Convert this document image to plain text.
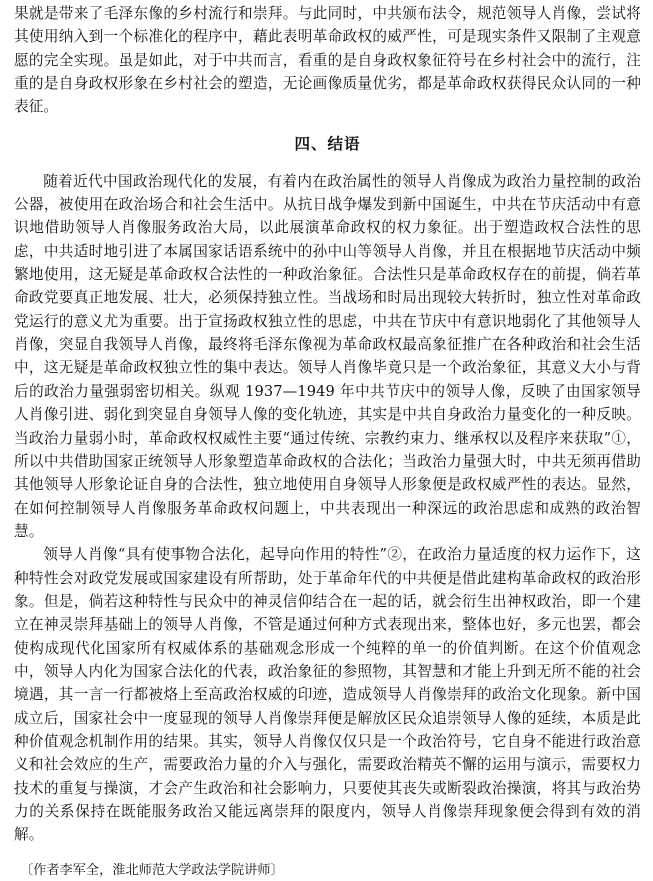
果就是带来了毛泽东像的乡村流行和崇拜。与此同时，中共颁布法令，规范领导人肖像，尝试将其使用纳入到一个标准化的程序中，藉此表明革命政权的威严性，可是现实条件又限制了主观意愿的完全实现。虽是如此，对于中共而言，看重的是自身政权象征符号在乡村社会中的流行，注重的是自身政权形象在乡村社会的塑造，无论画像质量优劣，都是革命政权获得民众认同的一种表征。

四、结语

随着近代中国政治现代化的发展，有着内在政治属性的领导人肖像成为政治力量控制的政治公器，被使用在政治场合和社会生活中。从抗日战争爆发到新中国诞生，中共在节庆活动中有意识地借助领导人肖像服务政治大局，以此展演革命政权的权力象征。出于塑造政权合法性的思虑，中共适时地引进了本属国家话语系统中的孙中山等领导人肖像，并且在根据地节庆活动中频繁地使用，这无疑是革命政权合法性的一种政治象征。合法性只是革命政权存在的前提，倘若革命政党要真正地发展、壮大，必须保持独立性。当战场和时局出现较大转折时，独立性对革命政党运行的意义尤为重要。出于宣扬政权独立性的思虑，中共在节庆中有意识地弱化了其他领导人肖像，突显自我领导人肖像，最终将毛泽东像视为革命政权最高象征推广在各种政治和社会生活中，这无疑是革命政权独立性的集中表达。领导人肖像毕竟只是一个政治象征，其意义大小与背后的政治力量强弱密切相关。纵观 1937—1949 年中共节庆中的领导人像，反映了由国家领导人肖像引进、弱化到突显自身领导人像的变化轨迹，其实是中共自身政治力量变化的一种反映。当政治力量弱小时，革命政权权威性主要“通过传统、宗教约束力、继承权以及程序来获取”①，所以中共借助国家正统领导人形象塑造革命政权的合法化；当政治力量强大时，中共无须再借助其他领导人形象论证自身的合法性，独立地使用自身领导人形象便是政权威严性的表达。显然，在如何控制领导人肖像服务革命政权问题上，中共表现出一种深远的政治思虑和成熟的政治智慧。

领导人肖像“具有使事物合法化，起导向作用的特性”②，在政治力量适度的权力运作下，这种特性会对政党发展或国家建设有所帮助，处于革命年代的中共便是借此建构革命政权的政治形象。但是，倘若这种特性与民众中的神灵信仰结合在一起的话，就会衍生出神权政治，即一个建立在神灵崇拜基础上的领导人肖像，不管是通过何种方式表现出来，整体也好，多元也罢，都会使构成现代化国家所有权威体系的基础观念形成一个纯粹的单一的价值判断。在这个价值观念中，领导人内化为国家合法化的代表，政治象征的参照物，其智慧和才能上升到无所不能的社会境遇，其一言一行都被烙上至高政治权威的印迹，造成领导人肖像崇拜的政治文化现象。新中国成立后，国家社会中一度显现的领导人肖像崇拜便是解放区民众追崇领导人像的延续，本质是此种价值观念机制作用的结果。其实，领导人肖像仅仅只是一个政治符号，它自身不能进行政治意义和社会效应的生产，需要政治力量的介入与强化，需要政治精英不懈的运用与演示，需要权力技术的重复与操演，才会产生政治和社会影响力，只要使其丧失或断裂政治操演，将其与政治势力的关系保持在既能服务政治又能远离崇拜的限度内，领导人肖像崇拜现象便会得到有效的消解。

〔作者李军全，淮北师范大学政法学院讲师〕
